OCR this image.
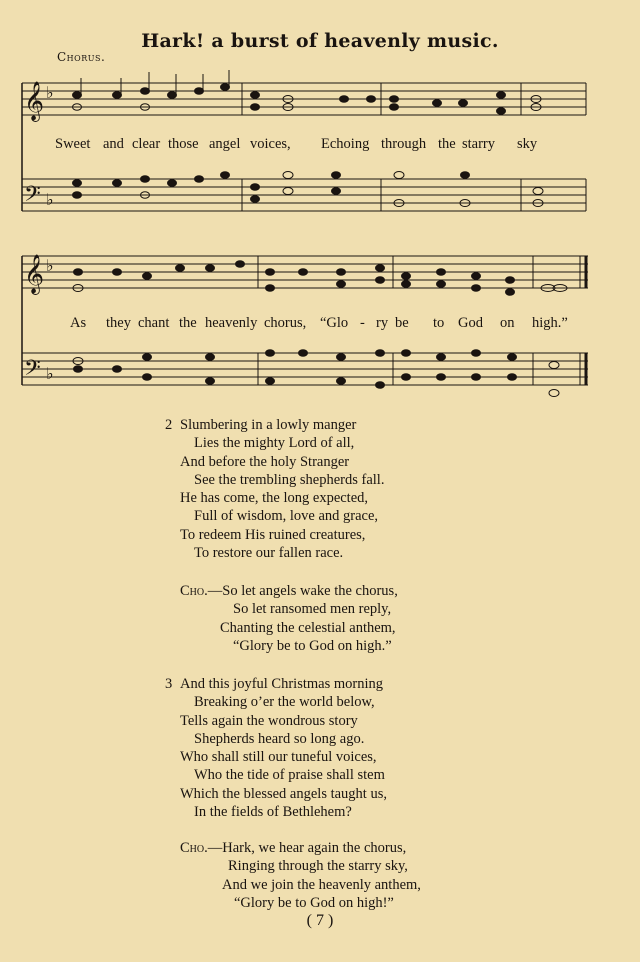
Hark! a burst of heavenly music.
Chorus.
𝄞
𝄢
𝄞
𝄢
♭
♭
♭
♭
Sweet and clear those angel voices, Echoing through the starry sky
As they chant the heavenly chorus, “Glo - ry be to God on high.”
2 Slumbering in a lowly manger
Lies the mighty Lord of all,
And before the holy Stranger
See the trembling shepherds fall.
He has come, the long expected,
Full of wisdom, love and grace,
To redeem His ruined creatures,
To restore our fallen race.
Cho.—So let angels wake the chorus,
So let ransomed men reply,
Chanting the celestial anthem,
“Glory be to God on high.”
3 And this joyful Christmas morning
Breaking o’er the world below,
Tells again the wondrous story
Shepherds heard so long ago.
Who shall still our tuneful voices,
Who the tide of praise shall stem
Which the blessed angels taught us,
In the fields of Bethlehem?
Cho.—Hark, we hear again the chorus,
Ringing through the starry sky,
And we join the heavenly anthem,
“Glory be to God on high!”
( 7 )
